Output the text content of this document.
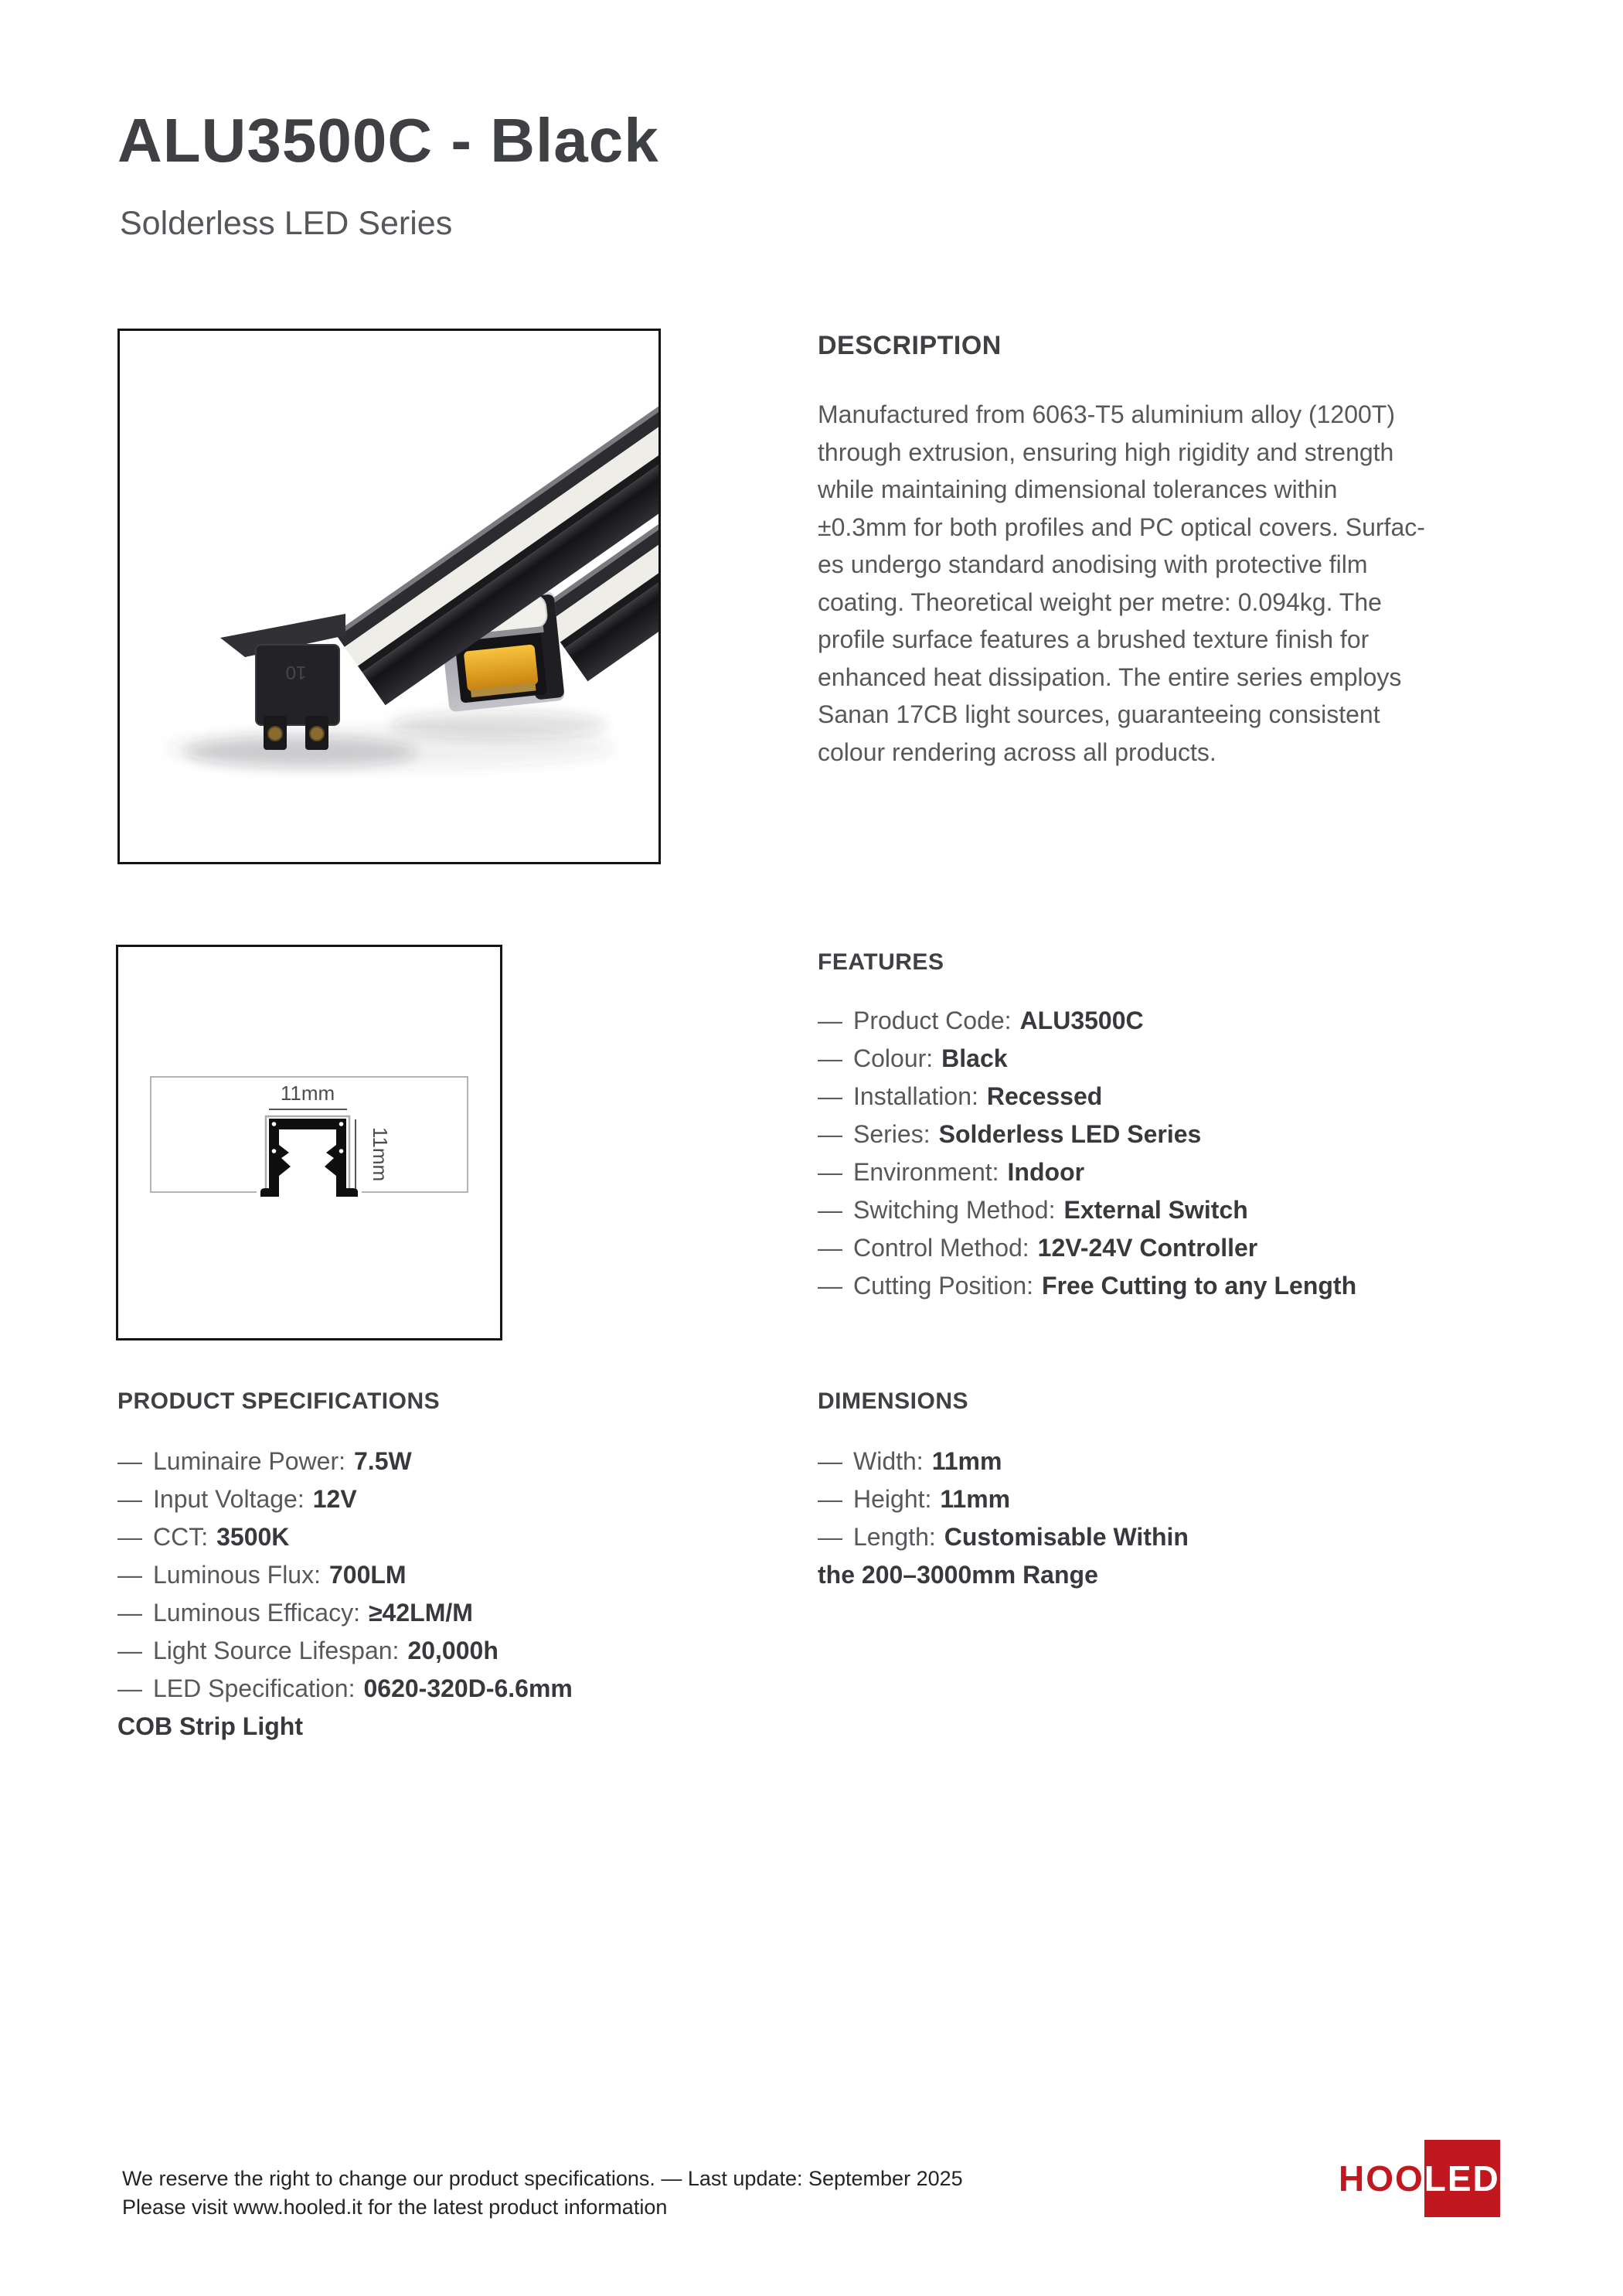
ALU3500C - Black
Solderless LED Series
10
DESCRIPTION
Manufactured from 6063-T5 aluminium alloy (1200T)
through extrusion, ensuring high rigidity and strength
while maintaining dimensional tolerances within
±0.3mm for both profiles and PC optical covers. Surfac-
es undergo standard anodising with protective film
coating. Theoretical weight per metre: 0.094kg. The
profile surface features a brushed texture finish for
enhanced heat dissipation. The entire series employs
Sanan 17CB light sources, guaranteeing consistent
colour rendering across all products.
FEATURES
— Product Code: ALU3500C
— Colour: Black
— Installation: Recessed
— Series: Solderless LED Series
— Environment: Indoor
— Switching Method: External Switch
— Control Method: 12V-24V Controller
— Cutting Position: Free Cutting to any Length
11mm
11mm
PRODUCT SPECIFICATIONS
— Luminaire Power: 7.5W
— Input Voltage: 12V
— CCT: 3500K
— Luminous Flux: 700LM
— Luminous Efficacy: ≥42LM/M
— Light Source Lifespan: 20,000h
— LED Specification: 0620-320D-6.6mm
COB Strip Light
DIMENSIONS
— Width: 11mm
— Height: 11mm
— Length: Customisable Within
the 200–3000mm Range
We reserve the right to change our product specifications. — Last update: September 2025
Please visit www.hooled.it for the latest product information
HOO LED
